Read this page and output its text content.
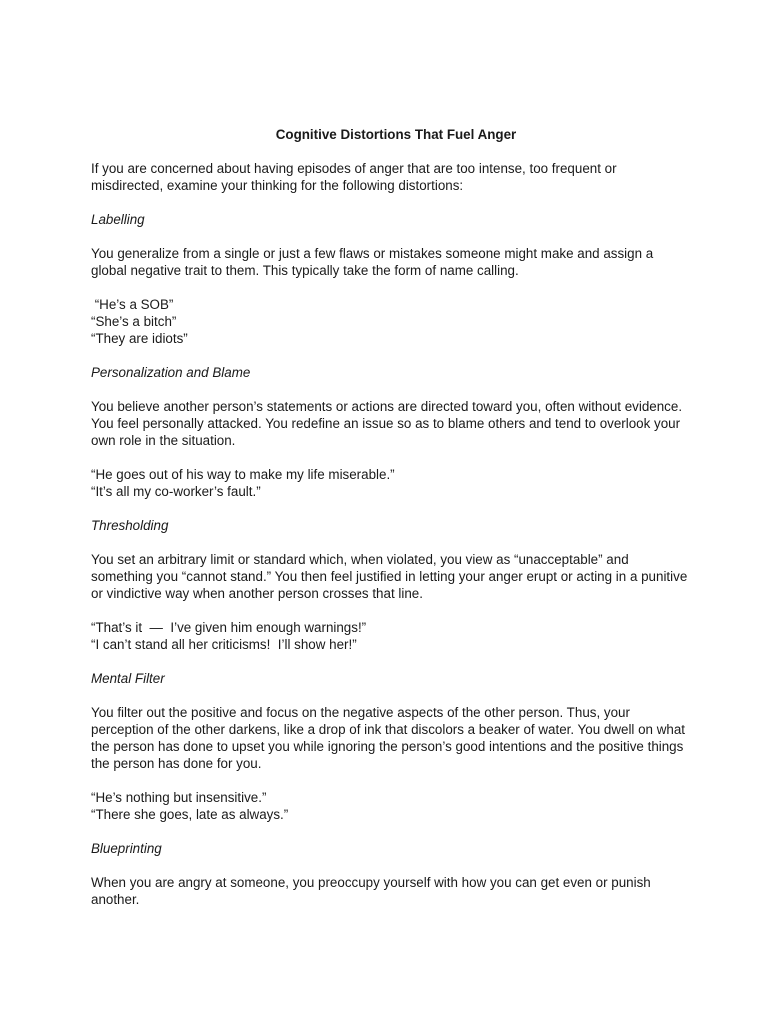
Cognitive Distortions That Fuel Anger

If you are concerned about having episodes of anger that are too intense, too frequent or misdirected, examine your thinking for the following distortions:

Labelling

You generalize from a single or just a few flaws or mistakes someone might make and assign a global negative trait to them. This typically take the form of name calling.

“He’s a SOB”
“She’s a bitch”
“They are idiots”
Personalization and Blame

You believe another person’s statements or actions are directed toward you, often without evidence. You feel personally attacked. You redefine an issue so as to blame others and tend to overlook your own role in the situation.

“He goes out of his way to make my life miserable.”
“It’s all my co-worker’s fault.”
Thresholding

You set an arbitrary limit or standard which, when violated, you view as “unacceptable” and something you “cannot stand.” You then feel justified in letting your anger erupt or acting in a punitive or vindictive way when another person crosses that line.

“That’s it  —  I’ve given him enough warnings!”
“I can’t stand all her criticisms!  I’ll show her!”
Mental Filter

You filter out the positive and focus on the negative aspects of the other person. Thus, your perception of the other darkens, like a drop of ink that discolors a beaker of water. You dwell on what the person has done to upset you while ignoring the person’s good intentions and the positive things the person has done for you.

“He’s nothing but insensitive.”
“There she goes, late as always.”
Blueprinting

When you are angry at someone, you preoccupy yourself with how you can get even or punish another.
